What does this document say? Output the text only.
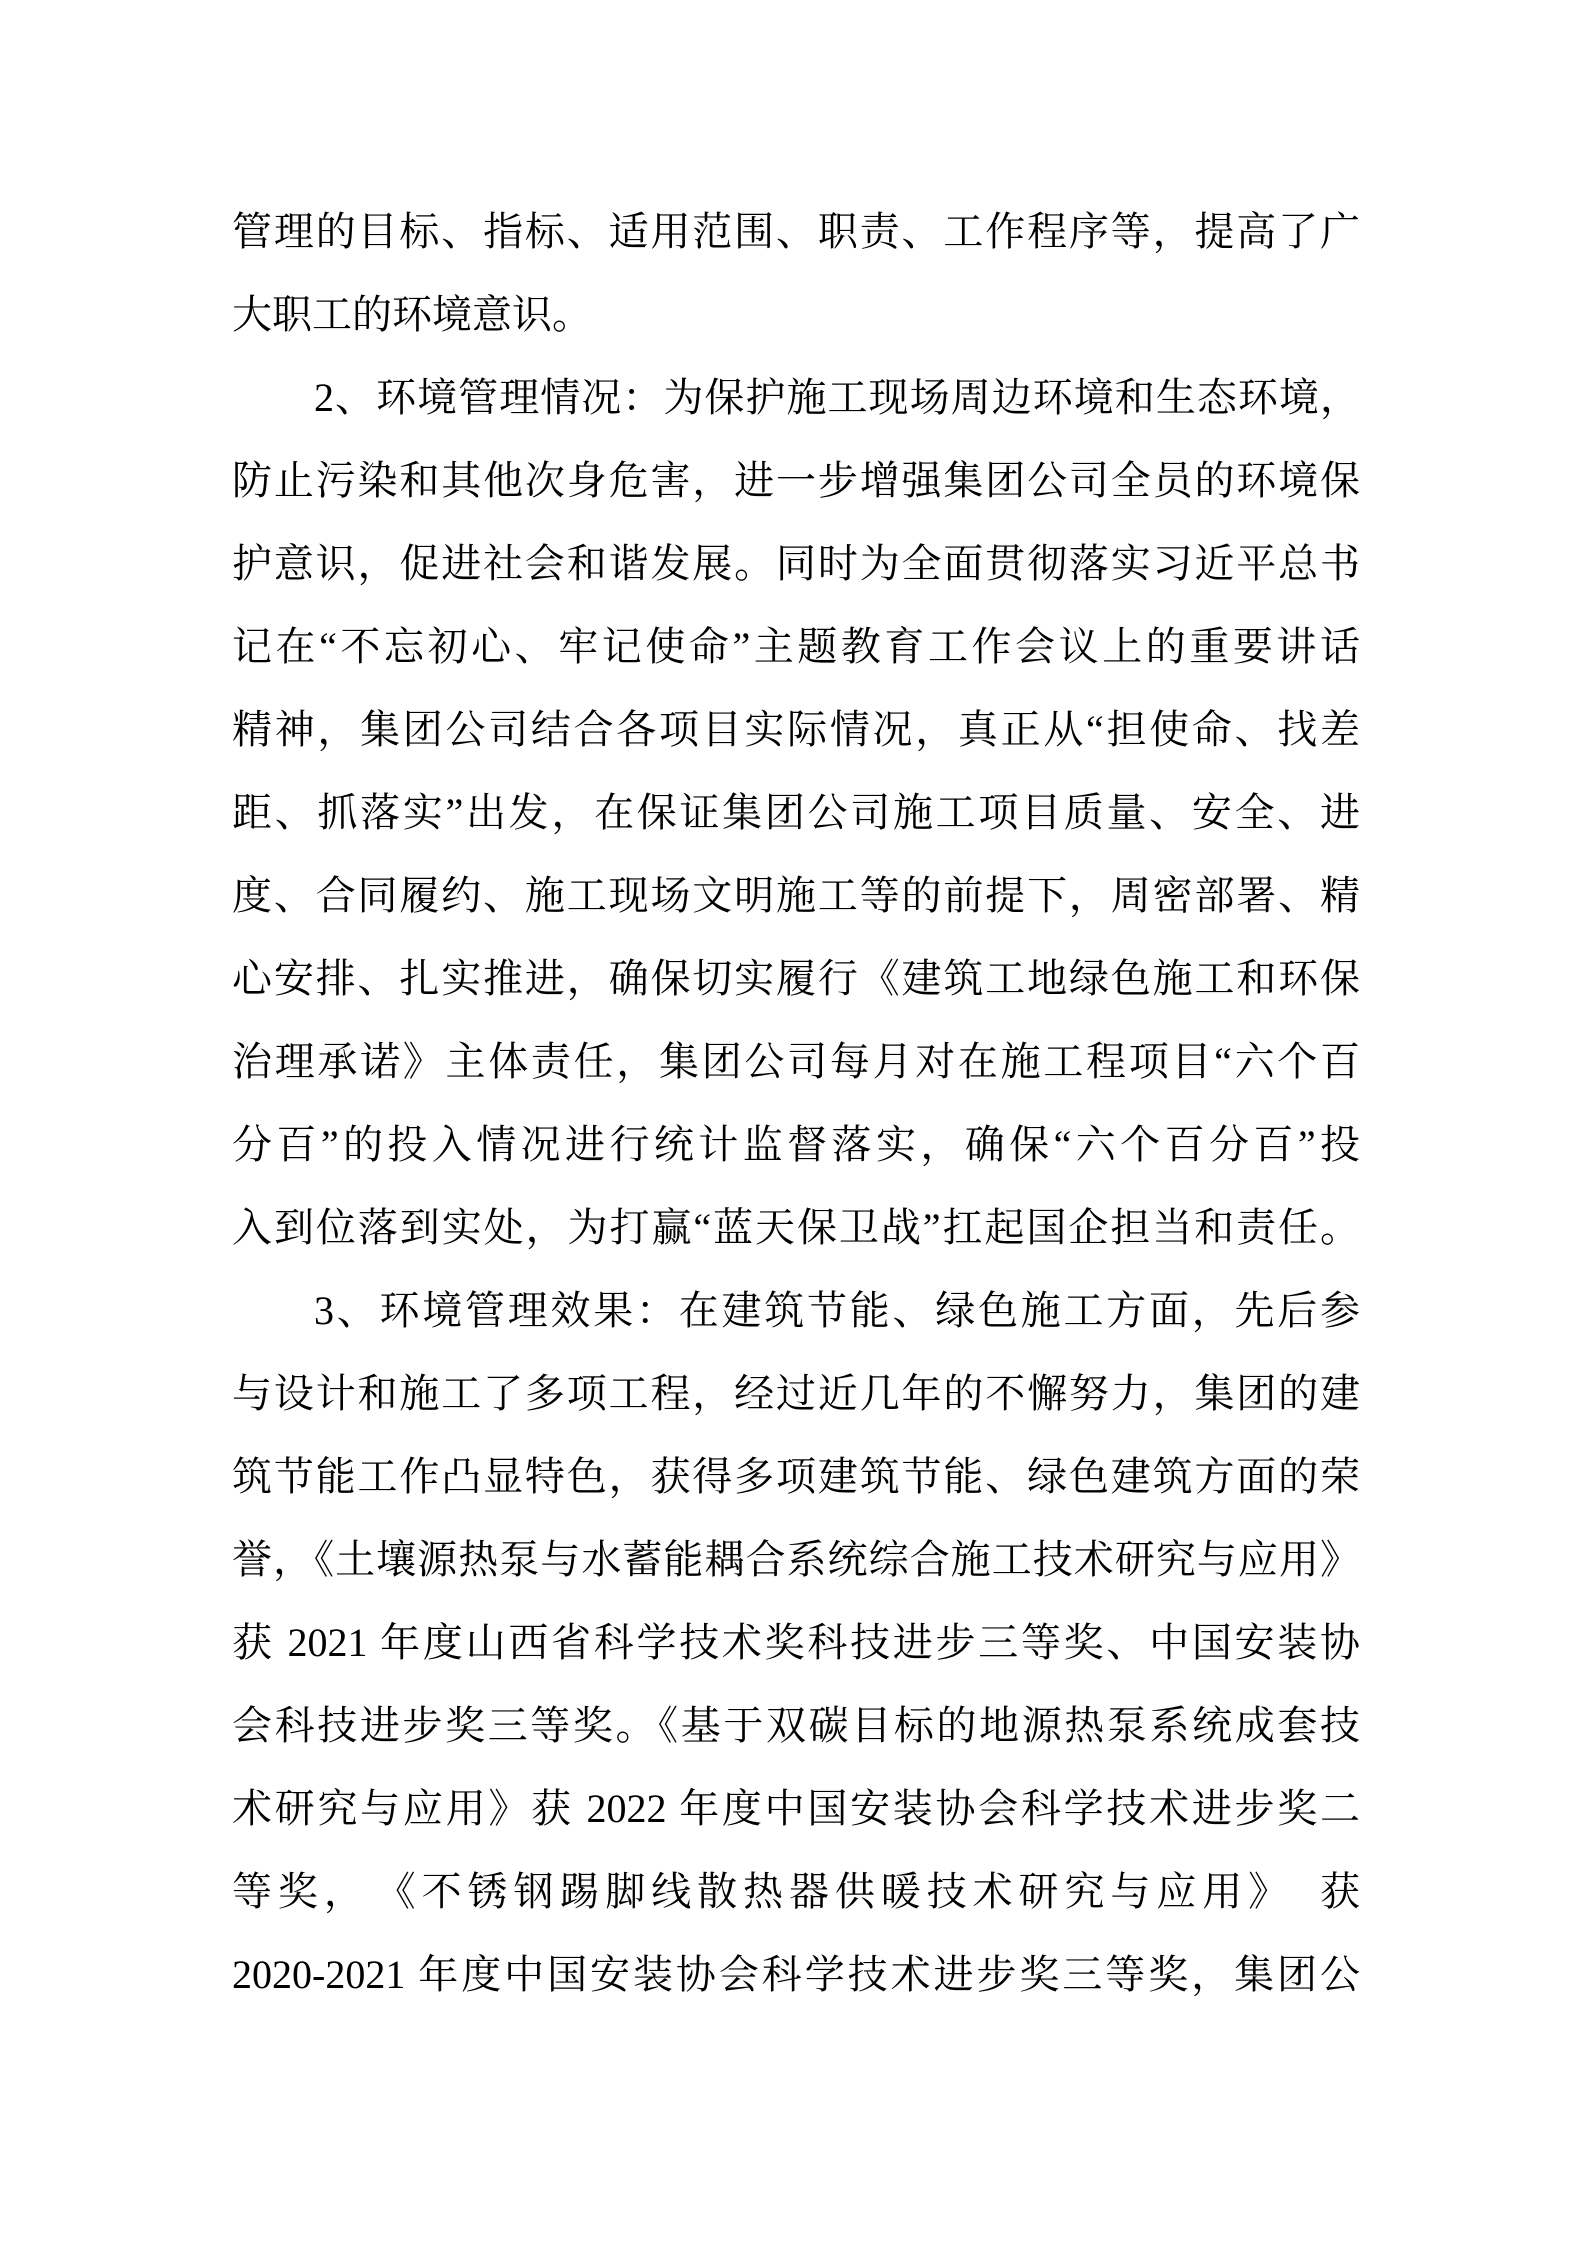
管理的目标、指标、适用范围、职责、工作程序等，提高了广
大职工的环境意识。
2、环境管理情况：为保护施工现场周边环境和生态环境，
防止污染和其他次身危害，进一步增强集团公司全员的环境保
护意识，促进社会和谐发展。同时为全面贯彻落实习近平总书
记在“不忘初心、牢记使命”主题教育工作会议上的重要讲话
精神，集团公司结合各项目实际情况，真正从“担使命、找差
距、抓落实”出发，在保证集团公司施工项目质量、安全、进
度、合同履约、施工现场文明施工等的前提下，周密部署、精
心安排、扎实推进，确保切实履行《建筑工地绿色施工和环保
治理承诺》主体责任，集团公司每月对在施工程项目“六个百
分百”的投入情况进行统计监督落实，确保“六个百分百”投
入到位落到实处，为打赢“蓝天保卫战”扛起国企担当和责任。
3、环境管理效果：在建筑节能、绿色施工方面，先后参
与设计和施工了多项工程，经过近几年的不懈努力，集团的建
筑节能工作凸显特色，获得多项建筑节能、绿色建筑方面的荣
誉，《土壤源热泵与水蓄能耦合系统综合施工技术研究与应用》
获 2021 年度山西省科学技术奖科技进步三等奖、中国安装协
会科技进步奖三等奖。《基于双碳目标的地源热泵系统成套技
术研究与应用》获 2022 年度中国安装协会科学技术进步奖二
等奖，　《不锈钢踢脚线散热器供暖技术研究与应用》　获
2020-2021 年度中国安装协会科学技术进步奖三等奖，集团公
